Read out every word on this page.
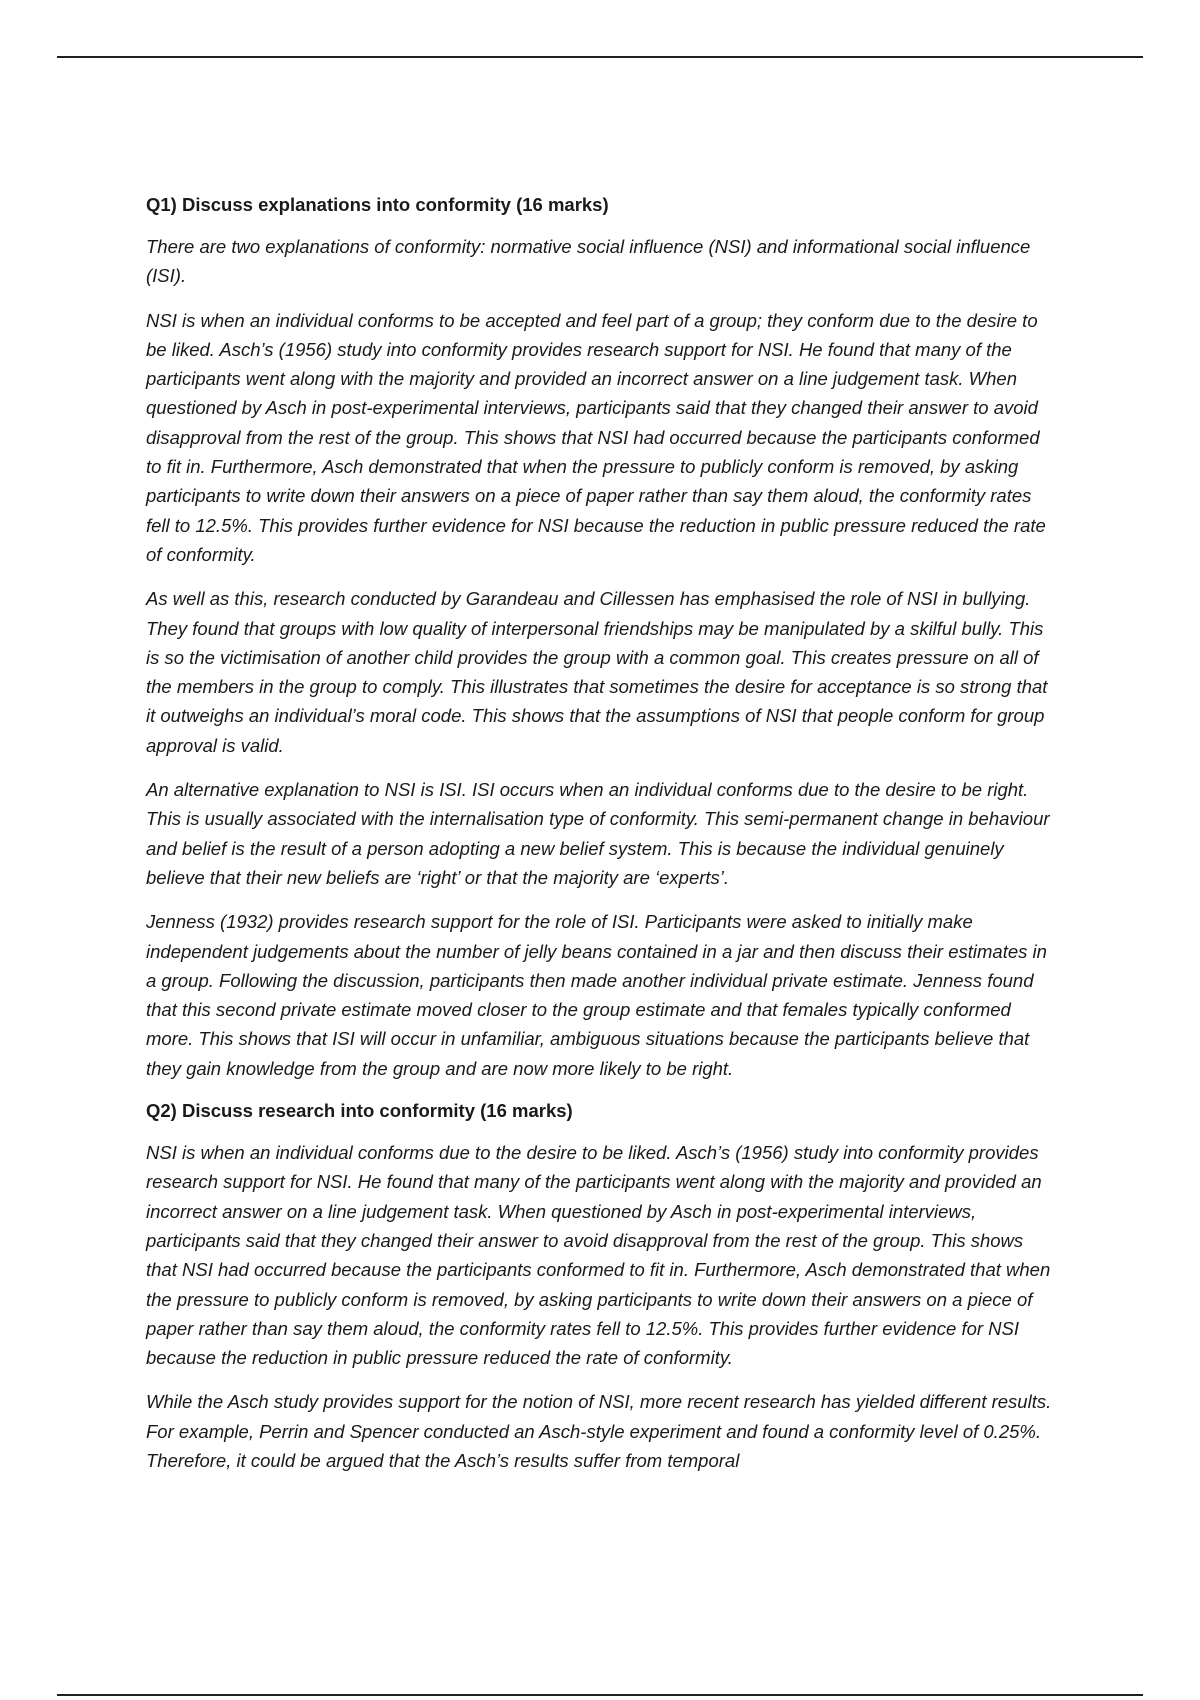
Q1) Discuss explanations into conformity (16 marks)

There are two explanations of conformity: normative social influence (NSI) and informational social influence (ISI).

NSI is when an individual conforms to be accepted and feel part of a group; they conform due to the desire to be liked. Asch’s (1956) study into conformity provides research support for NSI. He found that many of the participants went along with the majority and provided an incorrect answer on a line judgement task. When questioned by Asch in post-experimental interviews, participants said that they changed their answer to avoid disapproval from the rest of the group. This shows that NSI had occurred because the participants conformed to fit in. Furthermore, Asch demonstrated that when the pressure to publicly conform is removed, by asking participants to write down their answers on a piece of paper rather than say them aloud, the conformity rates fell to 12.5%. This provides further evidence for NSI because the reduction in public pressure reduced the rate of conformity.

As well as this, research conducted by Garandeau and Cillessen has emphasised the role of NSI in bullying. They found that groups with low quality of interpersonal friendships may be manipulated by a skilful bully. This is so the victimisation of another child provides the group with a common goal. This creates pressure on all of the members in the group to comply. This illustrates that sometimes the desire for acceptance is so strong that it outweighs an individual’s moral code. This shows that the assumptions of NSI that people conform for group approval is valid.

An alternative explanation to NSI is ISI. ISI occurs when an individual conforms due to the desire to be right. This is usually associated with the internalisation type of conformity. This semi-permanent change in behaviour and belief is the result of a person adopting a new belief system. This is because the individual genuinely believe that their new beliefs are ‘right’ or that the majority are ‘experts’.

Jenness (1932) provides research support for the role of ISI. Participants were asked to initially make independent judgements about the number of jelly beans contained in a jar and then discuss their estimates in a group. Following the discussion, participants then made another individual private estimate. Jenness found that this second private estimate moved closer to the group estimate and that females typically conformed more. This shows that ISI will occur in unfamiliar, ambiguous situations because the participants believe that they gain knowledge from the group and are now more likely to be right.

Q2) Discuss research into conformity (16 marks)

NSI is when an individual conforms due to the desire to be liked. Asch’s (1956) study into conformity provides research support for NSI. He found that many of the participants went along with the majority and provided an incorrect answer on a line judgement task. When questioned by Asch in post-experimental interviews, participants said that they changed their answer to avoid disapproval from the rest of the group. This shows that NSI had occurred because the participants conformed to fit in. Furthermore, Asch demonstrated that when the pressure to publicly conform is removed, by asking participants to write down their answers on a piece of paper rather than say them aloud, the conformity rates fell to 12.5%. This provides further evidence for NSI because the reduction in public pressure reduced the rate of conformity.

While the Asch study provides support for the notion of NSI, more recent research has yielded different results. For example, Perrin and Spencer conducted an Asch-style experiment and found a conformity level of 0.25%. Therefore, it could be argued that the Asch’s results suffer from temporal
